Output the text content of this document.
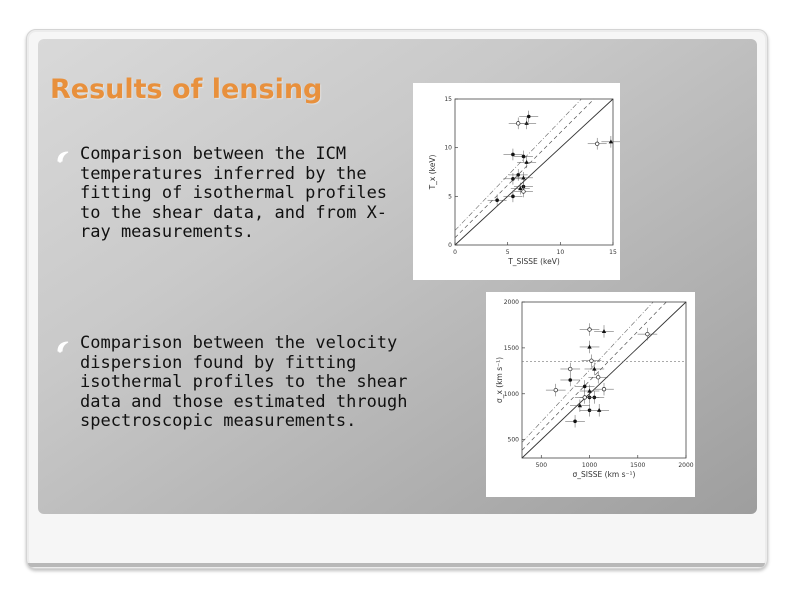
Results of lensing
Comparison between the ICM temperatures inferred by the fitting of isothermal profiles to the shear data, and from X-ray measurements.
Comparison between the velocity dispersion found by fitting isothermal profiles to the shear data and those estimated through spectroscopic measurements.
0	5	10	15
0
5
10
15
T_SISSE (keV)
T_x (keV)
500	1000	1500	2000
500
1000
1500
2000
σ_SISSE (km s⁻¹)
σ_x (km s⁻¹)
